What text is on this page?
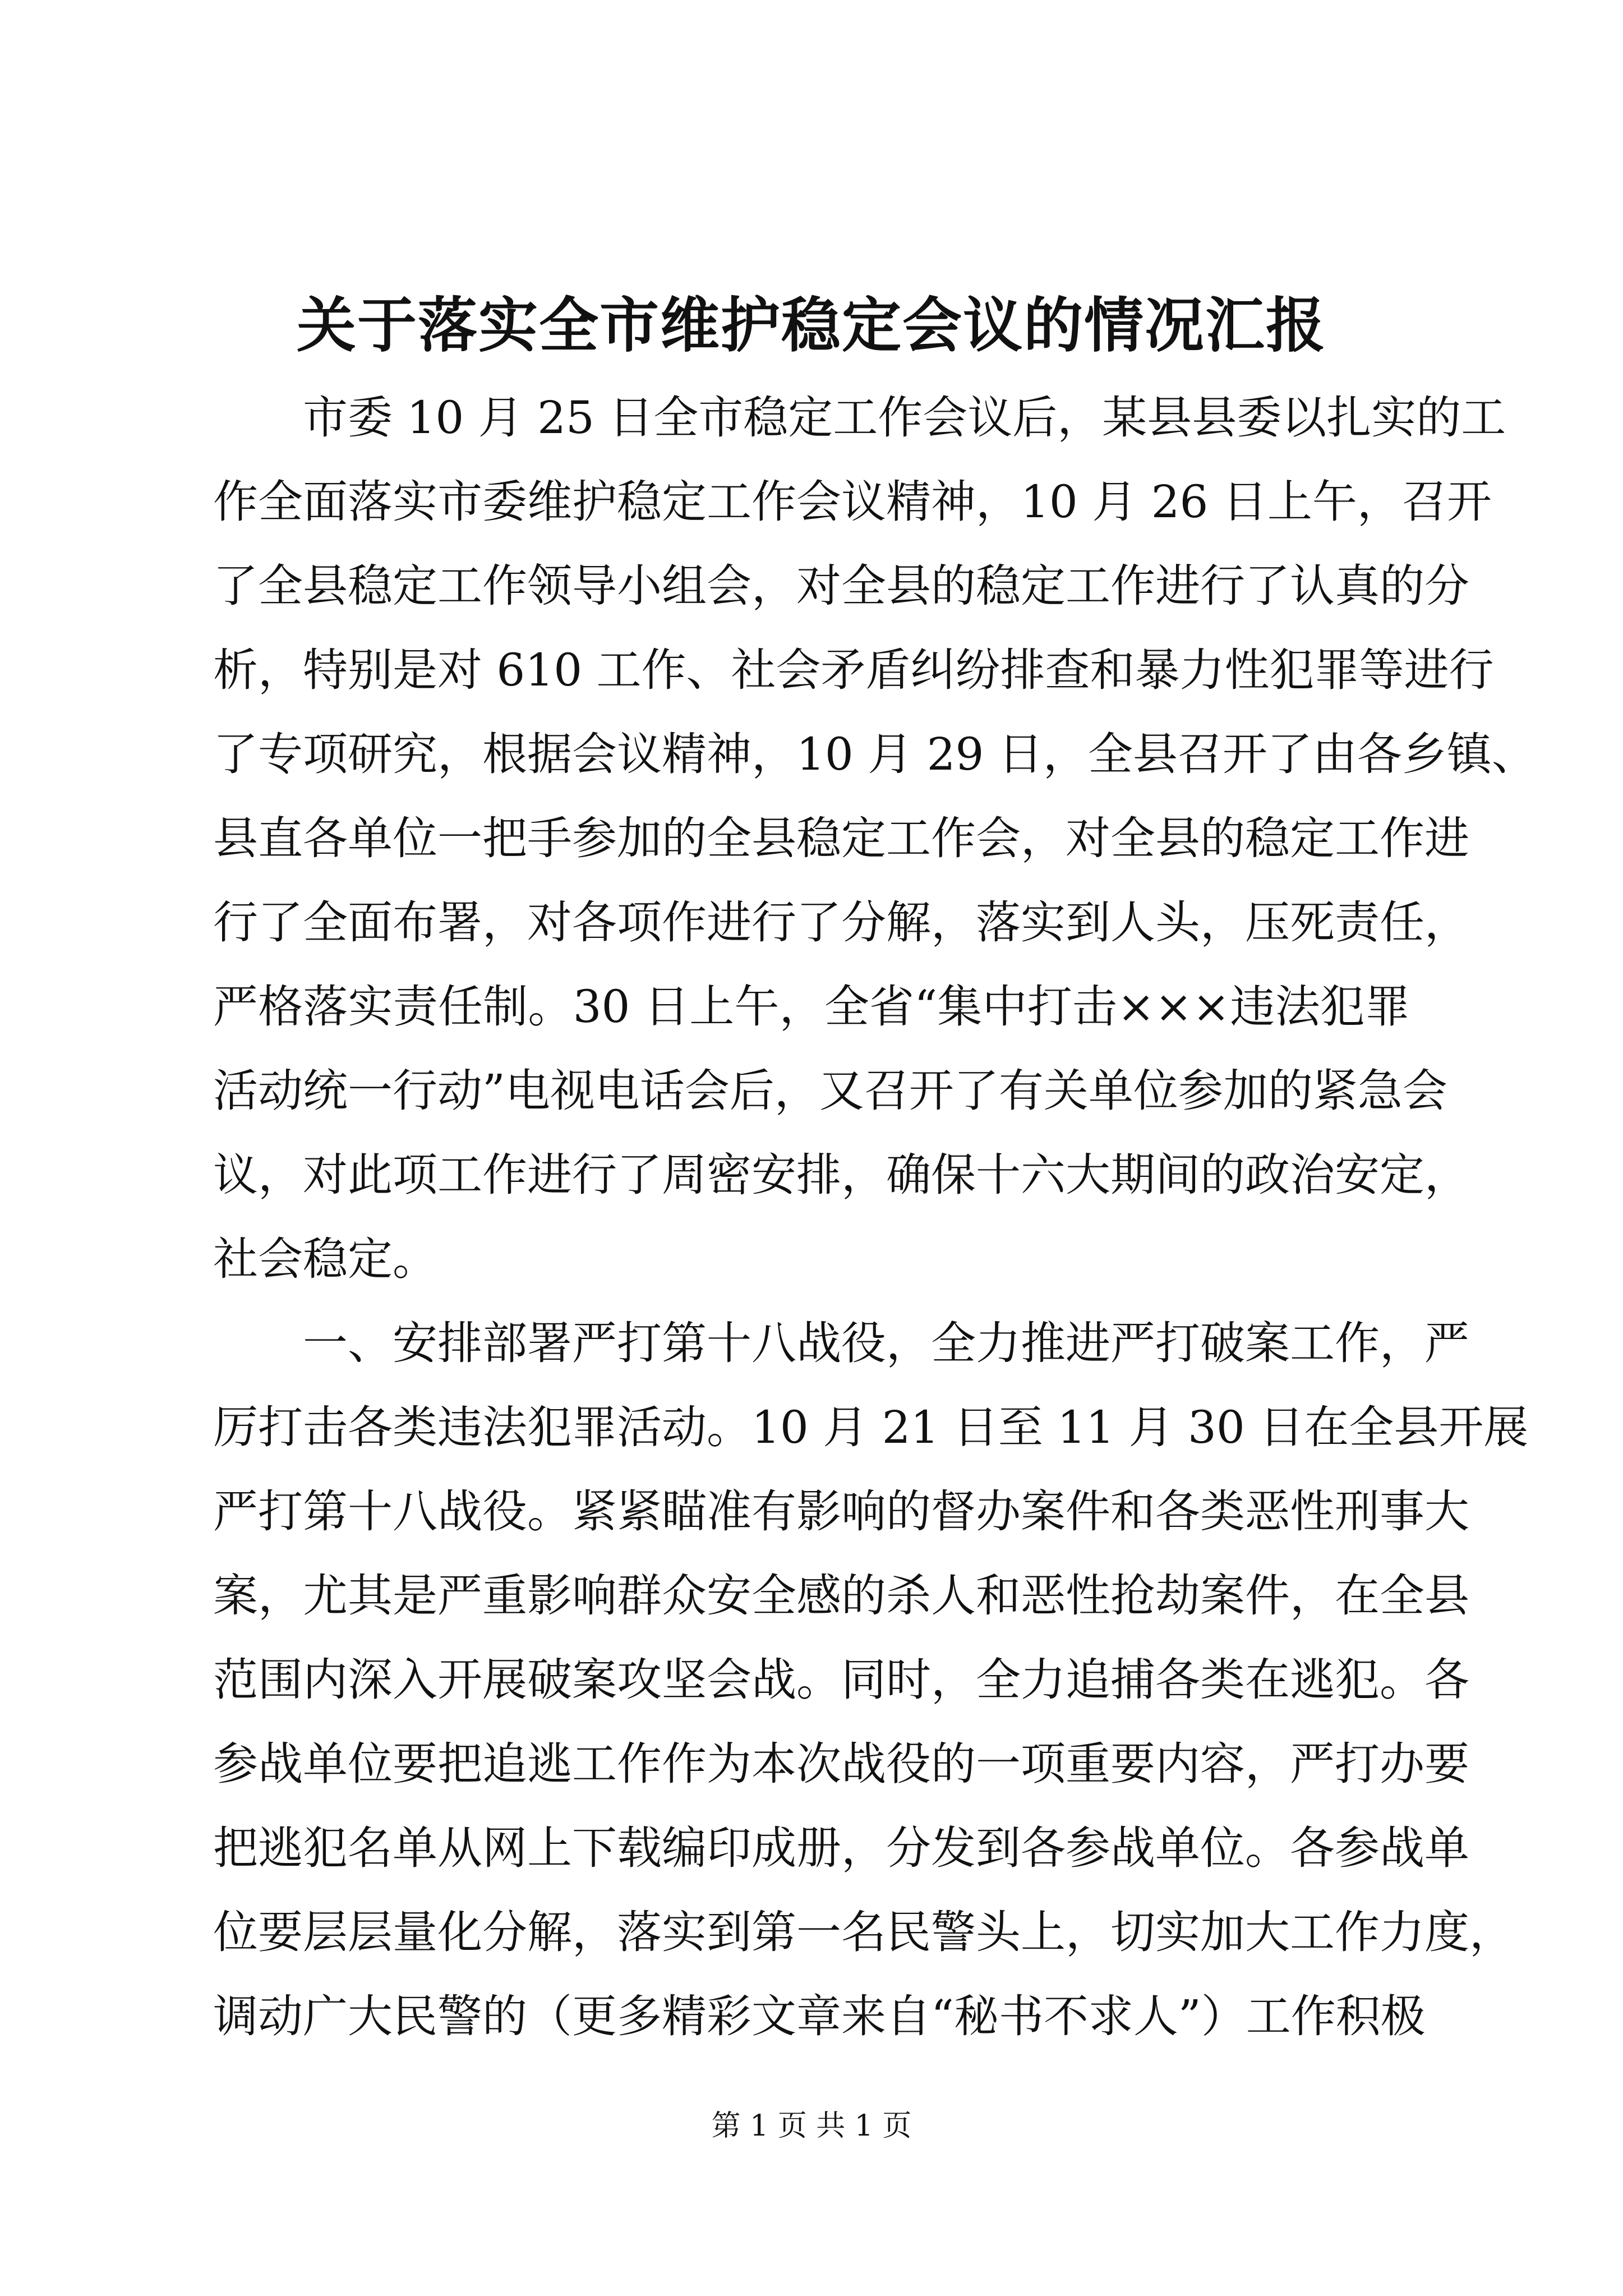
关于落实全市维护稳定会议的情况汇报
市委 10 月 25 日全市稳定工作会议后，某县县委以扎实的工
作全面落实市委维护稳定工作会议精神，10 月 26 日上午，召开
了全县稳定工作领导小组会，对全县的稳定工作进行了认真的分
析，特别是对 610 工作、社会矛盾纠纷排查和暴力性犯罪等进行
了专项研究，根据会议精神，10 月 29 日，全县召开了由各乡镇、
县直各单位一把手参加的全县稳定工作会，对全县的稳定工作进
行了全面布署，对各项作进行了分解，落实到人头，压死责任，
严格落实责任制。30 日上午，全省“集中打击×××违法犯罪
活动统一行动”电视电话会后，又召开了有关单位参加的紧急会
议，对此项工作进行了周密安排，确保十六大期间的政治安定，
社会稳定。
一、安排部署严打第十八战役，全力推进严打破案工作，严
厉打击各类违法犯罪活动。10 月 21 日至 11 月 30 日在全县开展
严打第十八战役。紧紧瞄准有影响的督办案件和各类恶性刑事大
案，尤其是严重影响群众安全感的杀人和恶性抢劫案件，在全县
范围内深入开展破案攻坚会战。同时，全力追捕各类在逃犯。各
参战单位要把追逃工作作为本次战役的一项重要内容，严打办要
把逃犯名单从网上下载编印成册，分发到各参战单位。各参战单
位要层层量化分解，落实到第一名民警头上，切实加大工作力度，
调动广大民警的（更多精彩文章来自“秘书不求人”）工作积极
第 1 页 共 1 页
